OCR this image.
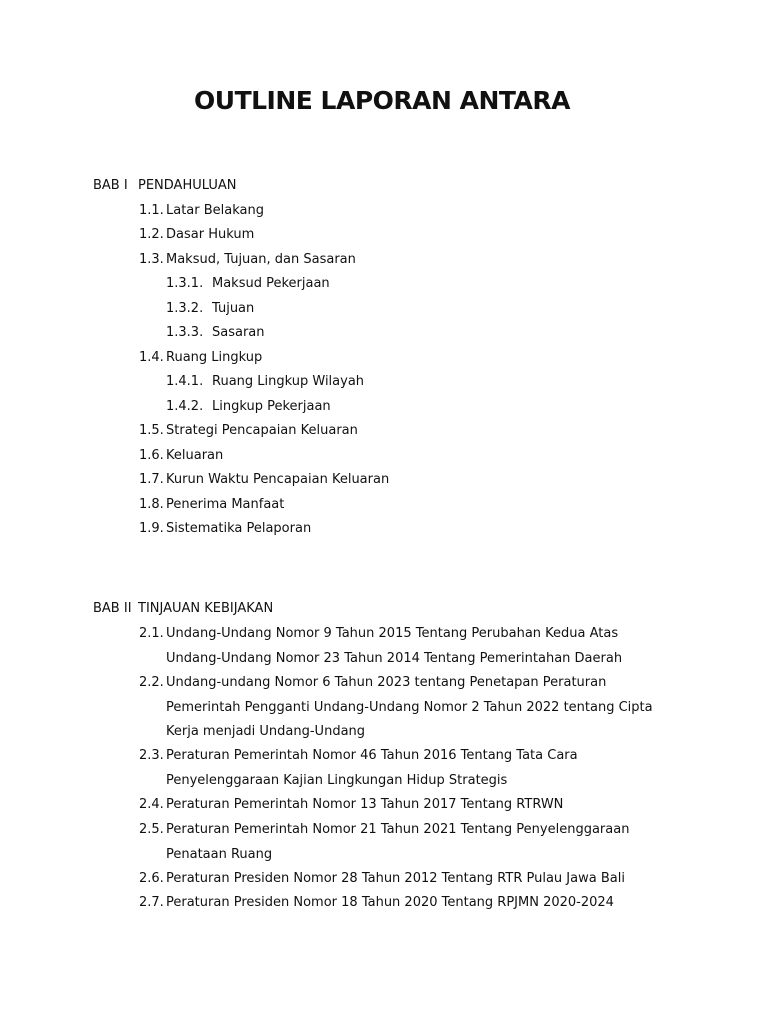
OUTLINE LAPORAN ANTARA
BAB I PENDAHULUAN
1.1. Latar Belakang
1.2. Dasar Hukum
1.3. Maksud, Tujuan, dan Sasaran
1.3.1. Maksud Pekerjaan
1.3.2. Tujuan
1.3.3. Sasaran
1.4. Ruang Lingkup
1.4.1. Ruang Lingkup Wilayah
1.4.2. Lingkup Pekerjaan
1.5. Strategi Pencapaian Keluaran
1.6. Keluaran
1.7. Kurun Waktu Pencapaian Keluaran
1.8. Penerima Manfaat
1.9. Sistematika Pelaporan
BAB II TINJAUAN KEBIJAKAN
2.1. Undang-Undang Nomor 9 Tahun 2015 Tentang Perubahan Kedua Atas Undang-Undang Nomor 23 Tahun 2014 Tentang Pemerintahan Daerah
2.2. Undang-undang Nomor 6 Tahun 2023 tentang Penetapan Peraturan Pemerintah Pengganti Undang-Undang Nomor 2 Tahun 2022 tentang Cipta Kerja menjadi Undang-Undang
2.3. Peraturan Pemerintah Nomor 46 Tahun 2016 Tentang Tata Cara Penyelenggaraan Kajian Lingkungan Hidup Strategis
2.4. Peraturan Pemerintah Nomor 13 Tahun 2017 Tentang RTRWN
2.5. Peraturan Pemerintah Nomor 21 Tahun 2021 Tentang Penyelenggaraan Penataan Ruang
2.6. Peraturan Presiden Nomor 28 Tahun 2012 Tentang RTR Pulau Jawa Bali
2.7. Peraturan Presiden Nomor 18 Tahun 2020 Tentang RPJMN 2020-2024
